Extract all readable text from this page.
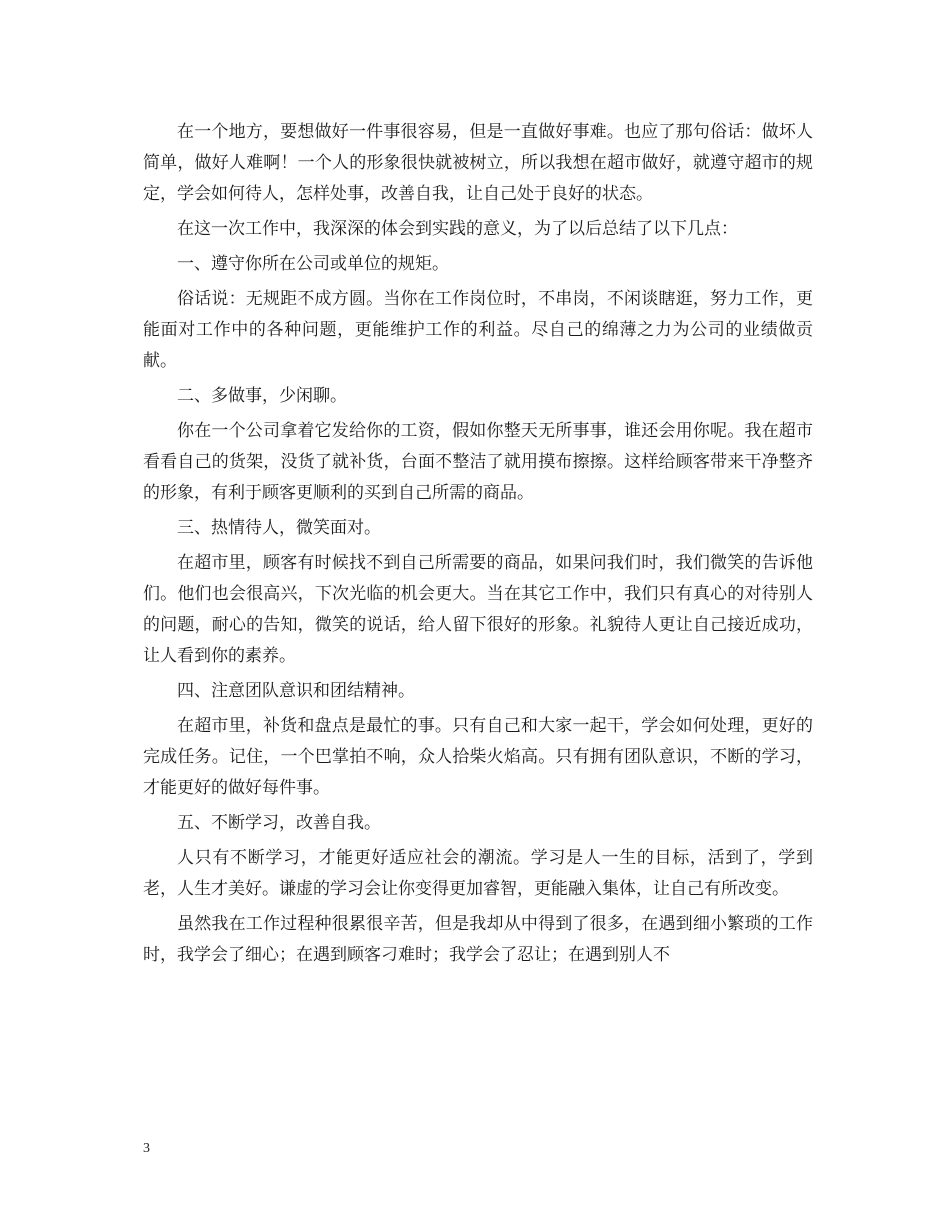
在一个地方，要想做好一件事很容易，但是一直做好事难。也应了那句俗话：做坏人简单，做好人难啊！一个人的形象很快就被树立，所以我想在超市做好，就遵守超市的规定，学会如何待人，怎样处事，改善自我，让自己处于良好的状态。

在这一次工作中，我深深的体会到实践的意义，为了以后总结了以下几点：

一、遵守你所在公司或单位的规矩。

俗话说：无规距不成方圆。当你在工作岗位时，不串岗，不闲谈瞎逛，努力工作，更能面对工作中的各种问题，更能维护工作的利益。尽自己的绵薄之力为公司的业绩做贡献。

二、多做事，少闲聊。

你在一个公司拿着它发给你的工资，假如你整天无所事事，谁还会用你呢。我在超市看看自己的货架，没货了就补货，台面不整洁了就用摸布擦擦。这样给顾客带来干净整齐的形象，有利于顾客更顺利的买到自己所需的商品。

三、热情待人，微笑面对。

在超市里，顾客有时候找不到自己所需要的商品，如果问我们时，我们微笑的告诉他们。他们也会很高兴，下次光临的机会更大。当在其它工作中，我们只有真心的对待别人的问题，耐心的告知，微笑的说话，给人留下很好的形象。礼貌待人更让自己接近成功，让人看到你的素养。

四、注意团队意识和团结精神。

在超市里，补货和盘点是最忙的事。只有自己和大家一起干，学会如何处理，更好的完成任务。记住，一个巴掌拍不响，众人拾柴火焰高。只有拥有团队意识，不断的学习，才能更好的做好每件事。

五、不断学习，改善自我。

人只有不断学习，才能更好适应社会的潮流。学习是人一生的目标，活到了，学到老，人生才美好。谦虚的学习会让你变得更加睿智，更能融入集体，让自己有所改变。

虽然我在工作过程种很累很辛苦，但是我却从中得到了很多，在遇到细小繁琐的工作时，我学会了细心；在遇到顾客刁难时；我学会了忍让；在遇到别人不

3
